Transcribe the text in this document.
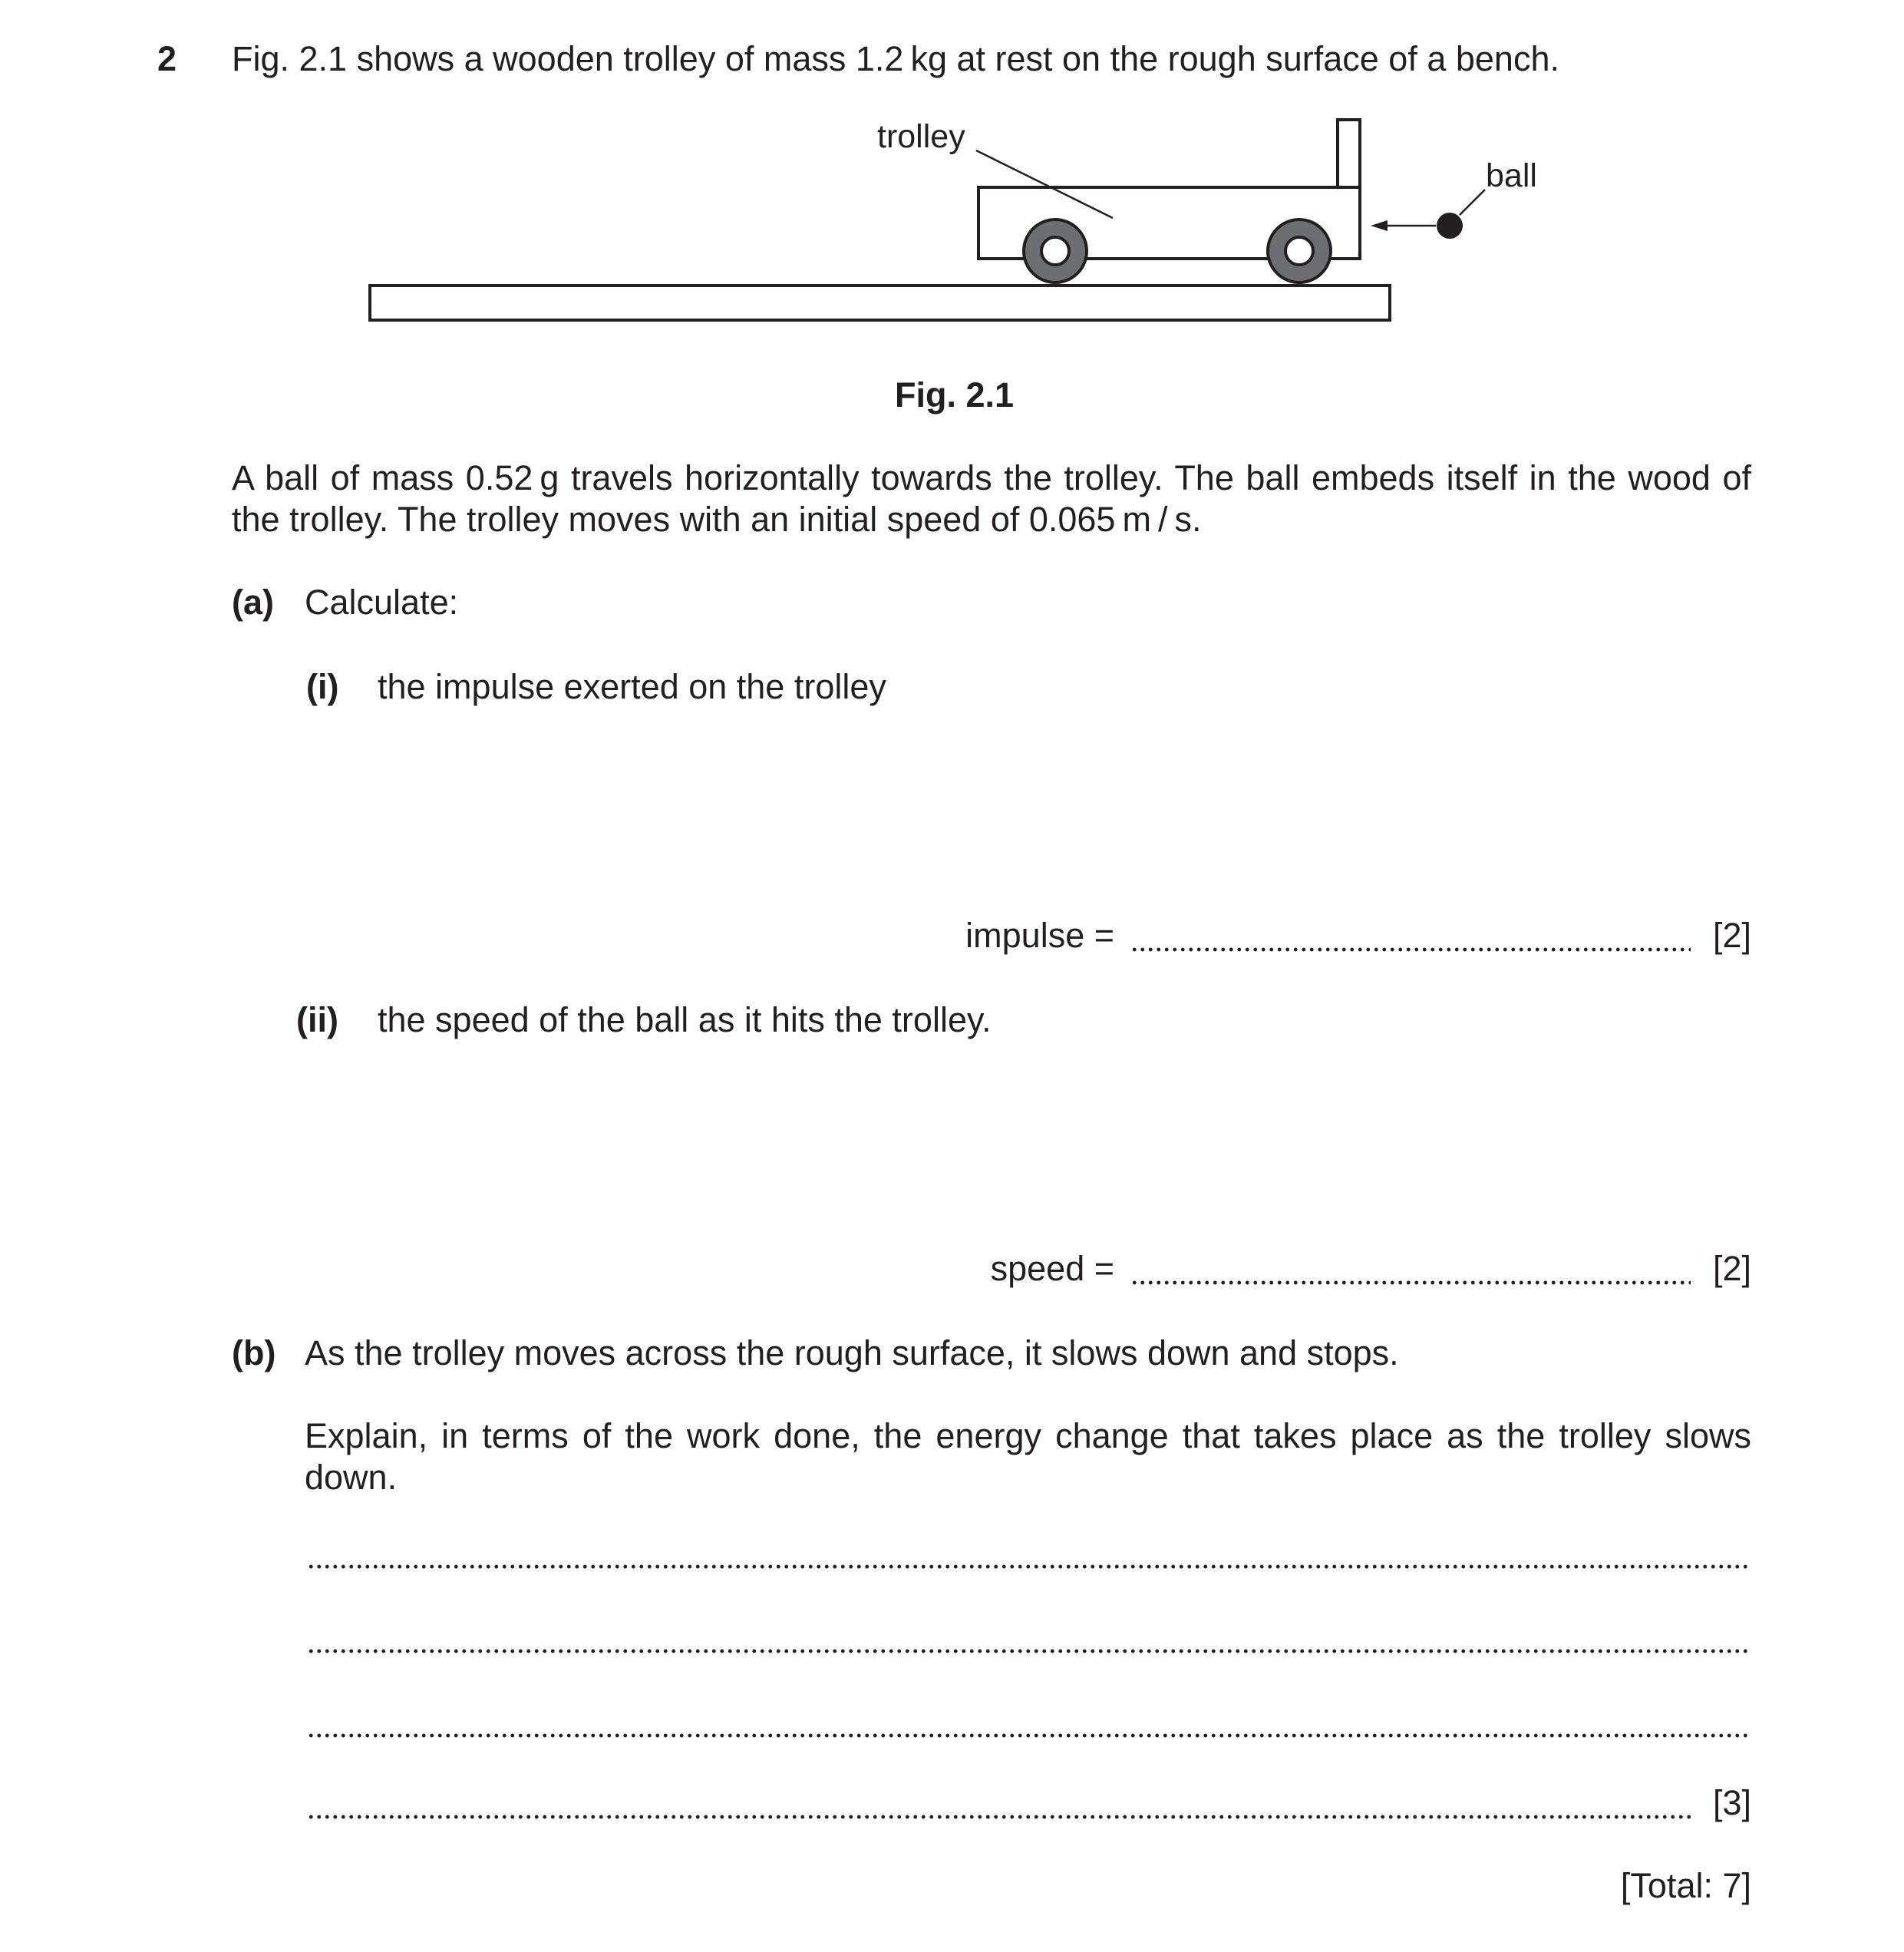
2 Fig. 2.1 shows a wooden trolley of mass 1.2 kg at rest on the rough surface of a bench.
trolley
ball
Fig. 2.1
A ball of mass 0.52 g travels horizontally towards the trolley. The ball embeds itself in the wood of the trolley. The trolley moves with an initial speed of 0.065 m / s.
(a) Calculate:
(i) the impulse exerted on the trolley
impulse =	[2]
(ii) the speed of the ball as it hits the trolley.
speed =	[2]
(b) As the trolley moves across the rough surface, it slows down and stops.
Explain, in terms of the work done, the energy change that takes place as the trolley slows down.
[3]
[Total: 7]
